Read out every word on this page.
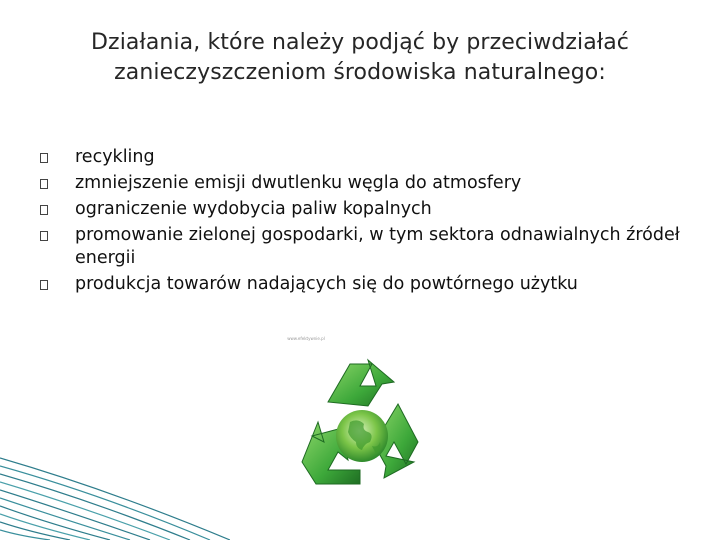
Działania, które należy podjąć by przeciwdziałać
zanieczyszczeniom środowiska naturalnego:
recykling
zmniejszenie emisji dwutlenku węgla do atmosfery
ograniczenie wydobycia paliw kopalnych
promowanie zielonej gospodarki, w tym sektora odnawialnych źródeł energii
produkcja towarów nadających się do powtórnego użytku
www.efektywnie.pl
